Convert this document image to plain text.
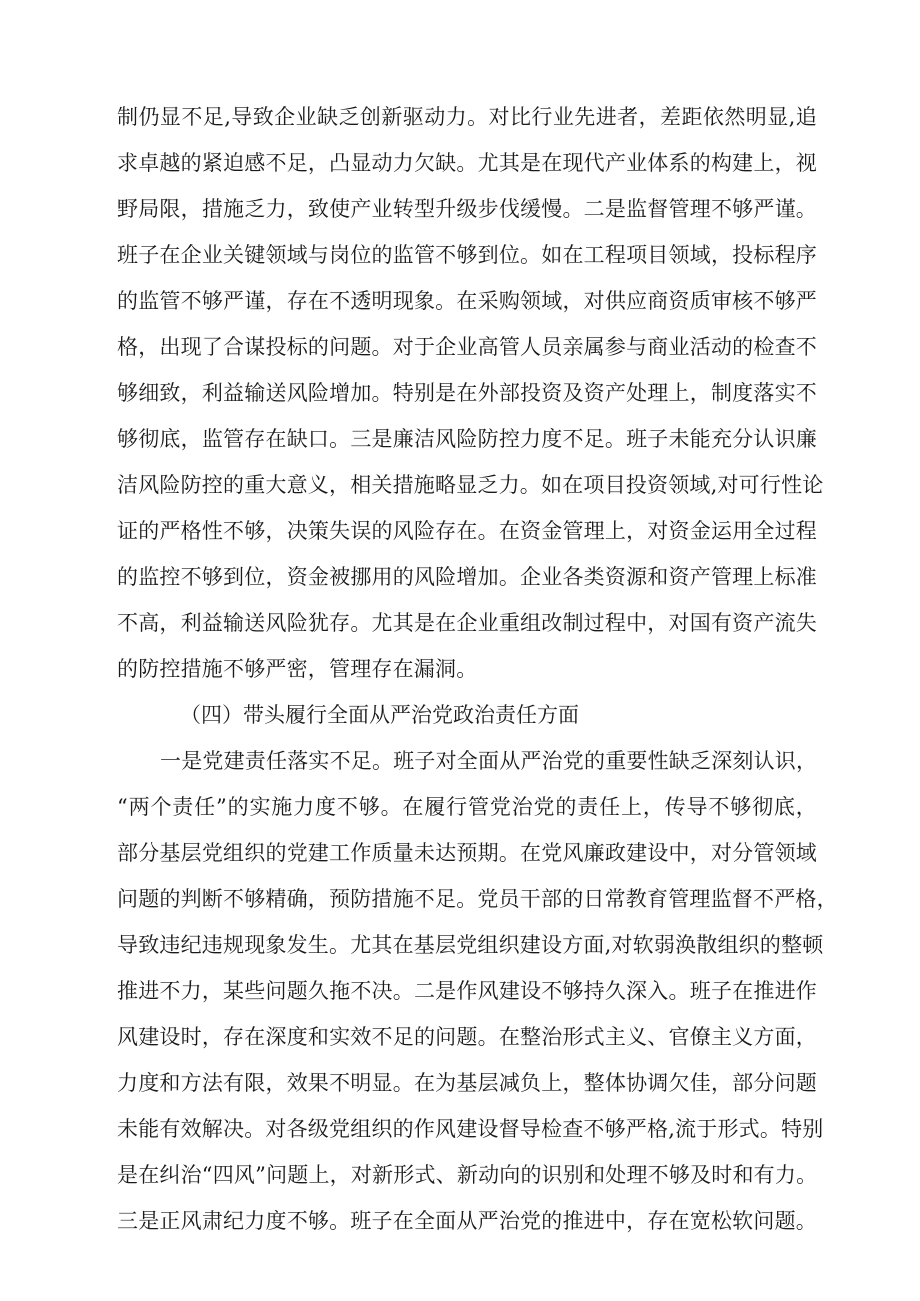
制仍显不足,导致企业缺乏创新驱动力。对比行业先进者，差距依然明显,追
求卓越的紧迫感不足，凸显动力欠缺。尤其是在现代产业体系的构建上，视
野局限，措施乏力，致使产业转型升级步伐缓慢。二是监督管理不够严谨。
班子在企业关键领域与岗位的监管不够到位。如在工程项目领域，投标程序
的监管不够严谨，存在不透明现象。在采购领域，对供应商资质审核不够严
格，出现了合谋投标的问题。对于企业高管人员亲属参与商业活动的检查不
够细致，利益输送风险增加。特别是在外部投资及资产处理上，制度落实不
够彻底，监管存在缺口。三是廉洁风险防控力度不足。班子未能充分认识廉
洁风险防控的重大意义，相关措施略显乏力。如在项目投资领域,对可行性论
证的严格性不够，决策失误的风险存在。在资金管理上，对资金运用全过程
的监控不够到位，资金被挪用的风险增加。企业各类资源和资产管理上标准
不高，利益输送风险犹存。尤其是在企业重组改制过程中，对国有资产流失
的防控措施不够严密，管理存在漏洞。
（四）带头履行全面从严治党政治责任方面
一是党建责任落实不足。班子对全面从严治党的重要性缺乏深刻认识，
“两个责任”的实施力度不够。在履行管党治党的责任上，传导不够彻底，
部分基层党组织的党建工作质量未达预期。在党风廉政建设中，对分管领域
问题的判断不够精确，预防措施不足。党员干部的日常教育管理监督不严格，
导致违纪违规现象发生。尤其在基层党组织建设方面,对软弱涣散组织的整顿
推进不力，某些问题久拖不决。二是作风建设不够持久深入。班子在推进作
风建设时，存在深度和实效不足的问题。在整治形式主义、官僚主义方面，
力度和方法有限，效果不明显。在为基层减负上，整体协调欠佳，部分问题
未能有效解决。对各级党组织的作风建设督导检查不够严格,流于形式。特别
是在纠治“四风”问题上，对新形式、新动向的识别和处理不够及时和有力。
三是正风肃纪力度不够。班子在全面从严治党的推进中，存在宽松软问题。
